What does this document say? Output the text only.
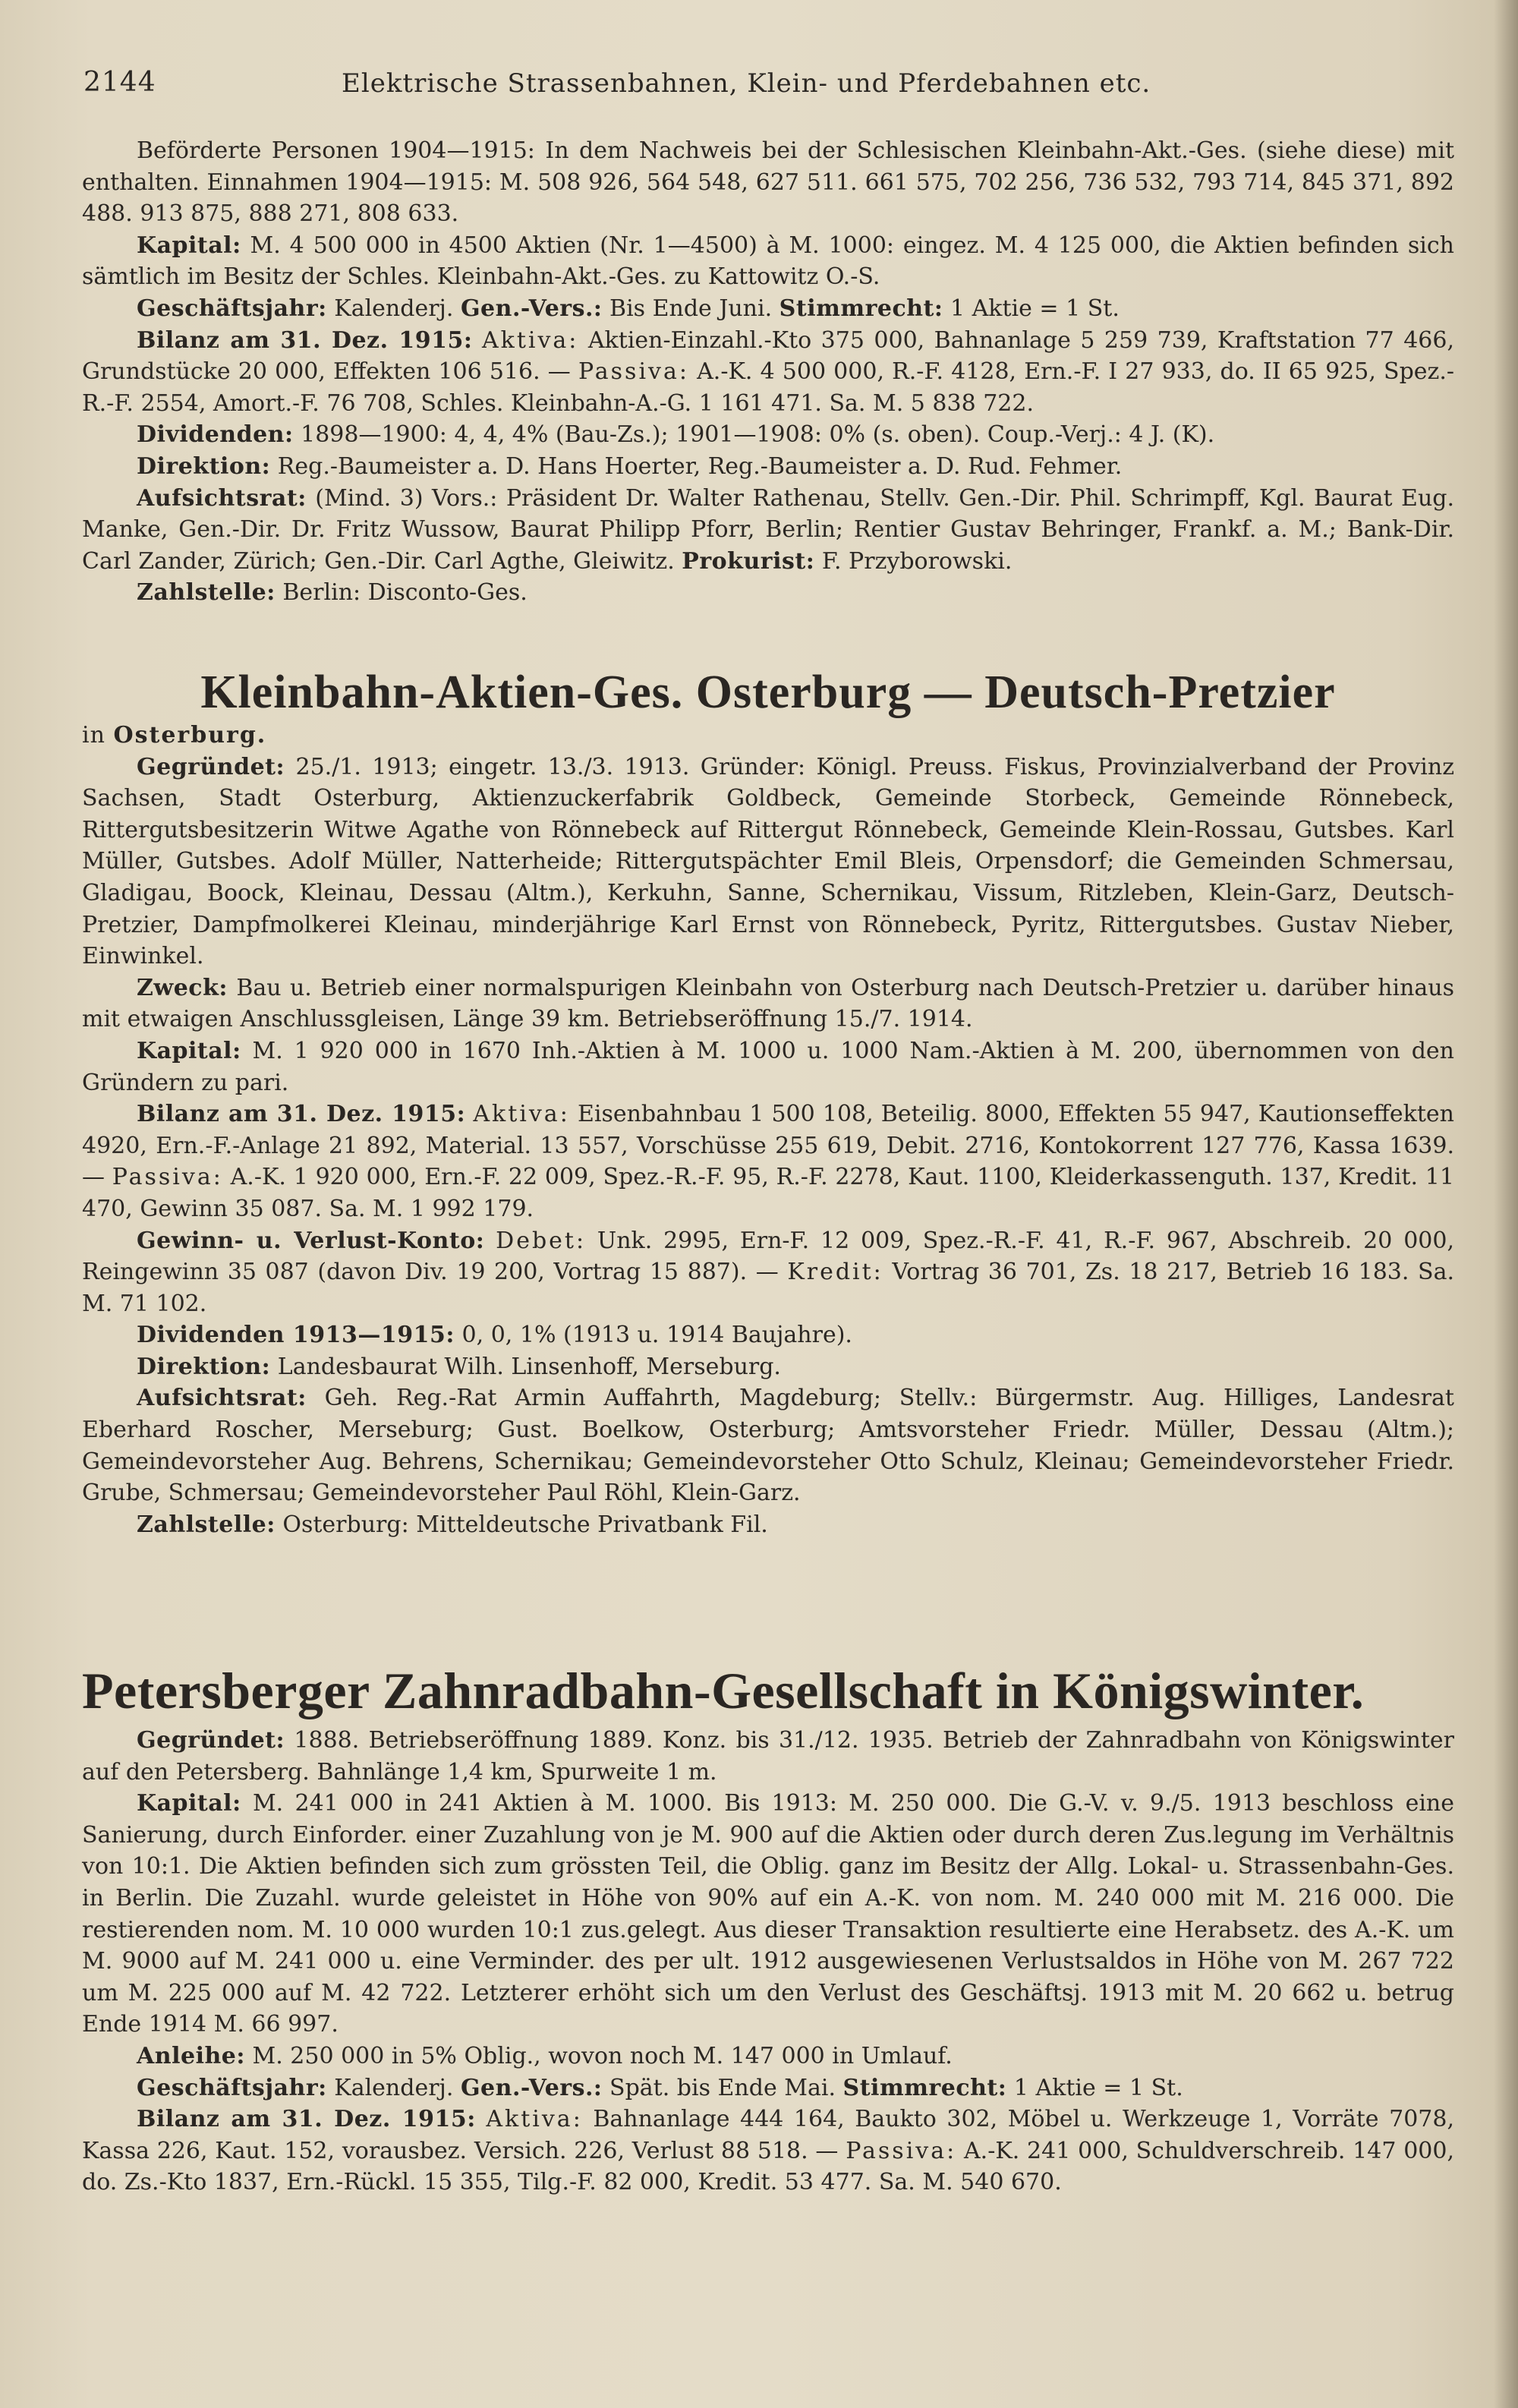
2144	Elektrische Strassenbahnen, Klein- und Pferdebahnen etc.

Beförderte Personen 1904—1915: In dem Nachweis bei der Schlesischen Kleinbahn-Akt.-Ges. (siehe diese) mit enthalten. Einnahmen 1904—1915: M. 508 926, 564 548, 627 511. 661 575, 702 256, 736 532, 793 714, 845 371, 892 488. 913 875, 888 271, 808 633.

Kapital: M. 4 500 000 in 4500 Aktien (Nr. 1—4500) à M. 1000: eingez. M. 4 125 000, die Aktien befinden sich sämtlich im Besitz der Schles. Kleinbahn-Akt.-Ges. zu Kattowitz O.-S.

Geschäftsjahr: Kalenderj. Gen.-Vers.: Bis Ende Juni. Stimmrecht: 1 Aktie = 1 St.

Bilanz am 31. Dez. 1915: Aktiva: Aktien-Einzahl.-Kto 375 000, Bahnanlage 5 259 739, Kraftstation 77 466, Grundstücke 20 000, Effekten 106 516. — Passiva: A.-K. 4 500 000, R.-F. 4128, Ern.-F. I 27 933, do. II 65 925, Spez.-R.-F. 2554, Amort.-F. 76 708, Schles. Kleinbahn-A.-G. 1 161 471. Sa. M. 5 838 722.

Dividenden: 1898—1900: 4, 4, 4% (Bau-Zs.); 1901—1908: 0% (s. oben). Coup.-Verj.: 4 J. (K).

Direktion: Reg.-Baumeister a. D. Hans Hoerter, Reg.-Baumeister a. D. Rud. Fehmer.

Aufsichtsrat: (Mind. 3) Vors.: Präsident Dr. Walter Rathenau, Stellv. Gen.-Dir. Phil. Schrimpff, Kgl. Baurat Eug. Manke, Gen.-Dir. Dr. Fritz Wussow, Baurat Philipp Pforr, Berlin; Rentier Gustav Behringer, Frankf. a. M.; Bank-Dir. Carl Zander, Zürich; Gen.-Dir. Carl Agthe, Gleiwitz. Prokurist: F. Przyborowski.

Zahlstelle: Berlin: Disconto-Ges.

Kleinbahn-Aktien-Ges. Osterburg — Deutsch-Pretzier

in Osterburg.

Gegründet: 25./1. 1913; eingetr. 13./3. 1913. Gründer: Königl. Preuss. Fiskus, Provinzialverband der Provinz Sachsen, Stadt Osterburg, Aktienzuckerfabrik Goldbeck, Gemeinde Storbeck, Gemeinde Rönnebeck, Rittergutsbesitzerin Witwe Agathe von Rönnebeck auf Rittergut Rönnebeck, Gemeinde Klein-Rossau, Gutsbes. Karl Müller, Gutsbes. Adolf Müller, Natterheide; Rittergutspächter Emil Bleis, Orpensdorf; die Gemeinden Schmersau, Gladigau, Boock, Kleinau, Dessau (Altm.), Kerkuhn, Sanne, Schernikau, Vissum, Ritzleben, Klein-Garz, Deutsch-Pretzier, Dampfmolkerei Kleinau, minderjährige Karl Ernst von Rönnebeck, Pyritz, Rittergutsbes. Gustav Nieber, Einwinkel.

Zweck: Bau u. Betrieb einer normalspurigen Kleinbahn von Osterburg nach Deutsch-Pretzier u. darüber hinaus mit etwaigen Anschlussgleisen, Länge 39 km. Betriebseröffnung 15./7. 1914.

Kapital: M. 1 920 000 in 1670 Inh.-Aktien à M. 1000 u. 1000 Nam.-Aktien à M. 200, übernommen von den Gründern zu pari.

Bilanz am 31. Dez. 1915: Aktiva: Eisenbahnbau 1 500 108, Beteilig. 8000, Effekten 55 947, Kautionseffekten 4920, Ern.-F.-Anlage 21 892, Material. 13 557, Vorschüsse 255 619, Debit. 2716, Kontokorrent 127 776, Kassa 1639. — Passiva: A.-K. 1 920 000, Ern.-F. 22 009, Spez.-R.-F. 95, R.-F. 2278, Kaut. 1100, Kleiderkassenguth. 137, Kredit. 11 470, Gewinn 35 087. Sa. M. 1 992 179.

Gewinn- u. Verlust-Konto: Debet: Unk. 2995, Ern-F. 12 009, Spez.-R.-F. 41, R.-F. 967, Abschreib. 20 000, Reingewinn 35 087 (davon Div. 19 200, Vortrag 15 887). — Kredit: Vortrag 36 701, Zs. 18 217, Betrieb 16 183. Sa. M. 71 102.

Dividenden 1913—1915: 0, 0, 1% (1913 u. 1914 Baujahre).

Direktion: Landesbaurat Wilh. Linsenhoff, Merseburg.

Aufsichtsrat: Geh. Reg.-Rat Armin Auffahrth, Magdeburg; Stellv.: Bürgermstr. Aug. Hilliges, Landesrat Eberhard Roscher, Merseburg; Gust. Boelkow, Osterburg; Amtsvorsteher Friedr. Müller, Dessau (Altm.); Gemeindevorsteher Aug. Behrens, Schernikau; Gemeindevorsteher Otto Schulz, Kleinau; Gemeindevorsteher Friedr. Grube, Schmersau; Gemeindevorsteher Paul Röhl, Klein-Garz.

Zahlstelle: Osterburg: Mitteldeutsche Privatbank Fil.

Petersberger Zahnradbahn-Gesellschaft in Königswinter.

Gegründet: 1888. Betriebseröffnung 1889. Konz. bis 31./12. 1935. Betrieb der Zahnradbahn von Königswinter auf den Petersberg. Bahnlänge 1,4 km, Spurweite 1 m.

Kapital: M. 241 000 in 241 Aktien à M. 1000. Bis 1913: M. 250 000. Die G.-V. v. 9./5. 1913 beschloss eine Sanierung, durch Einforder. einer Zuzahlung von je M. 900 auf die Aktien oder durch deren Zus.legung im Verhältnis von 10:1. Die Aktien befinden sich zum grössten Teil, die Oblig. ganz im Besitz der Allg. Lokal- u. Strassenbahn-Ges. in Berlin. Die Zuzahl. wurde geleistet in Höhe von 90% auf ein A.-K. von nom. M. 240 000 mit M. 216 000. Die restierenden nom. M. 10 000 wurden 10:1 zus.gelegt. Aus dieser Transaktion resultierte eine Herabsetz. des A.-K. um M. 9000 auf M. 241 000 u. eine Verminder. des per ult. 1912 ausgewiesenen Verlustsaldos in Höhe von M. 267 722 um M. 225 000 auf M. 42 722. Letzterer erhöht sich um den Verlust des Geschäftsj. 1913 mit M. 20 662 u. betrug Ende 1914 M. 66 997.

Anleihe: M. 250 000 in 5% Oblig., wovon noch M. 147 000 in Umlauf.

Geschäftsjahr: Kalenderj. Gen.-Vers.: Spät. bis Ende Mai. Stimmrecht: 1 Aktie = 1 St.

Bilanz am 31. Dez. 1915: Aktiva: Bahnanlage 444 164, Baukto 302, Möbel u. Werkzeuge 1, Vorräte 7078, Kassa 226, Kaut. 152, vorausbez. Versich. 226, Verlust 88 518. — Passiva: A.-K. 241 000, Schuldverschreib. 147 000, do. Zs.-Kto 1837, Ern.-Rückl. 15 355, Tilg.-F. 82 000, Kredit. 53 477. Sa. M. 540 670.
